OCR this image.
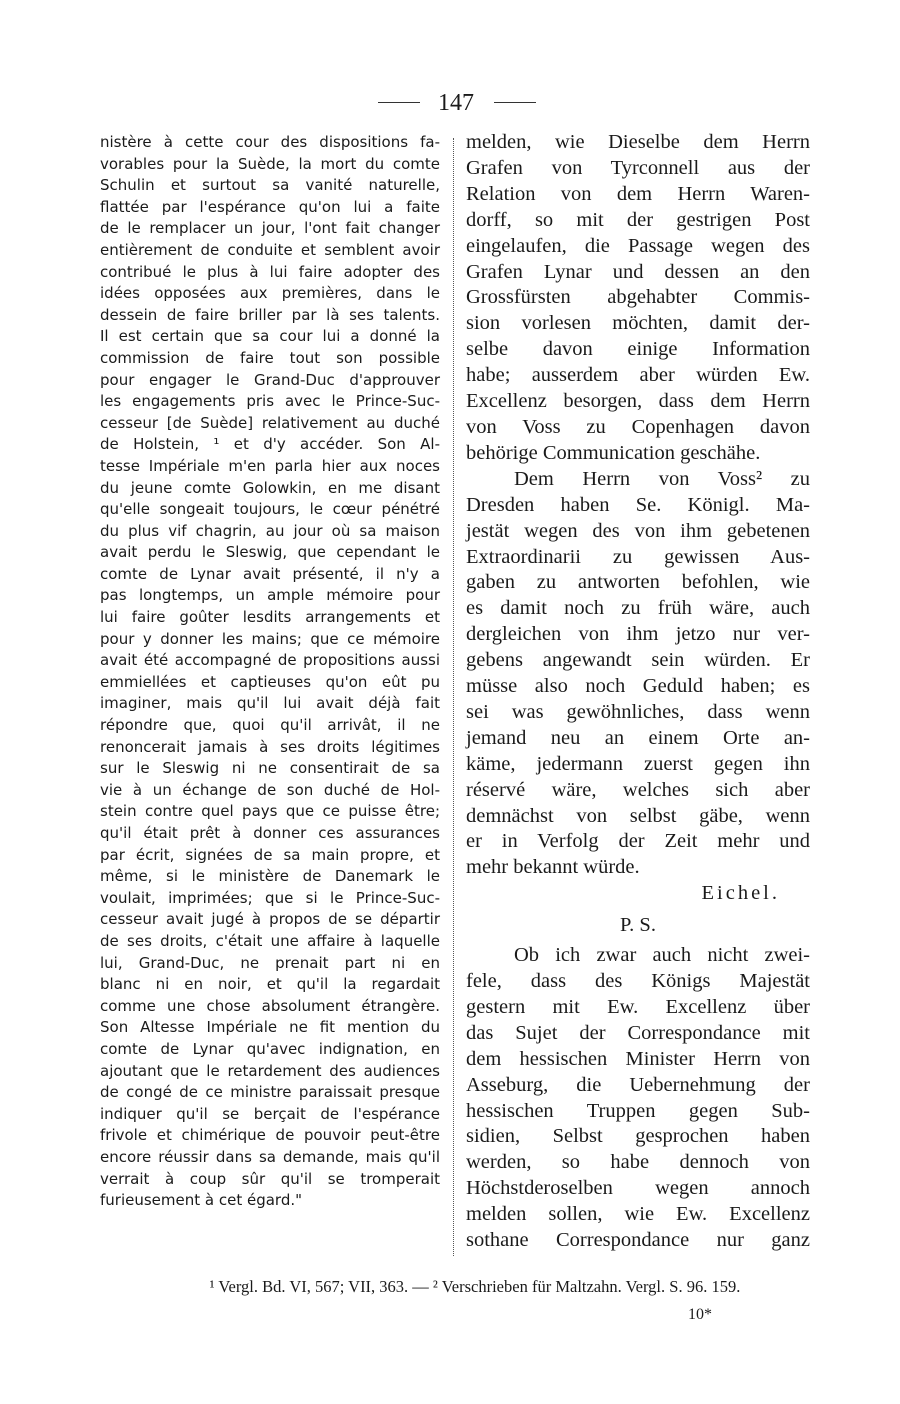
147
nistère à cette cour des dispositions fa-
vorables pour la Suède, la mort du comte
Schulin et surtout sa vanité naturelle,
flattée par l'espérance qu'on lui a faite
de le remplacer un jour, l'ont fait changer
entièrement de conduite et semblent avoir
contribué le plus à lui faire adopter des
idées opposées aux premières, dans le
dessein de faire briller par là ses talents.
Il est certain que sa cour lui a donné la
commission de faire tout son possible
pour engager le Grand-Duc d'approuver
les engagements pris avec le Prince-Suc-
cesseur [de Suède] relativement au duché
de Holstein, ¹ et d'y accéder. Son Al-
tesse Impériale m'en parla hier aux noces
du jeune comte Golowkin, en me disant
qu'elle songeait toujours, le cœur pénétré
du plus vif chagrin, au jour où sa maison
avait perdu le Sleswig, que cependant le
comte de Lynar avait présenté, il n'y a
pas longtemps, un ample mémoire pour
lui faire goûter lesdits arrangements et
pour y donner les mains; que ce mémoire
avait été accompagné de propositions aussi
emmiellées et captieuses qu'on eût pu
imaginer, mais qu'il lui avait déjà fait
répondre que, quoi qu'il arrivât, il ne
renoncerait jamais à ses droits légitimes
sur le Sleswig ni ne consentirait de sa
vie à un échange de son duché de Hol-
stein contre quel pays que ce puisse être;
qu'il était prêt à donner ces assurances
par écrit, signées de sa main propre, et
même, si le ministère de Danemark le
voulait, imprimées; que si le Prince-Suc-
cesseur avait jugé à propos de se départir
de ses droits, c'était une affaire à laquelle
lui, Grand-Duc, ne prenait part ni en
blanc ni en noir, et qu'il la regardait
comme une chose absolument étrangère.
Son Altesse Impériale ne fit mention du
comte de Lynar qu'avec indignation, en
ajoutant que le retardement des audiences
de congé de ce ministre paraissait presque
indiquer qu'il se berçait de l'espérance
frivole et chimérique de pouvoir peut-être
encore réussir dans sa demande, mais qu'il
verrait à coup sûr qu'il se tromperait
furieusement à cet égard."
melden, wie Dieselbe dem Herrn
Grafen von Tyrconnell aus der
Relation von dem Herrn Waren-
dorff, so mit der gestrigen Post
eingelaufen, die Passage wegen des
Grafen Lynar und dessen an den
Grossfürsten abgehabter Commis-
sion vorlesen möchten, damit der-
selbe davon einige Information
habe; ausserdem aber würden Ew.
Excellenz besorgen, dass dem Herrn
von Voss zu Copenhagen davon
behörige Communication geschähe.
Dem Herrn von Voss² zu
Dresden haben Se. Königl. Ma-
jestät wegen des von ihm gebetenen
Extraordinarii zu gewissen Aus-
gaben zu antworten befohlen, wie
es damit noch zu früh wäre, auch
dergleichen von ihm jetzo nur ver-
gebens angewandt sein würden. Er
müsse also noch Geduld haben; es
sei was gewöhnliches, dass wenn
jemand neu an einem Orte an-
käme, jedermann zuerst gegen ihn
réservé wäre, welches sich aber
demnächst von selbst gäbe, wenn
er in Verfolg der Zeit mehr und
mehr bekannt würde.
Eichel.
P. S.
Ob ich zwar auch nicht zwei-
fele, dass des Königs Majestät
gestern mit Ew. Excellenz über
das Sujet der Correspondance mit
dem hessischen Minister Herrn von
Asseburg, die Uebernehmung der
hessischen Truppen gegen Sub-
sidien, Selbst gesprochen haben
werden, so habe dennoch von
Höchstderoselben wegen annoch
melden sollen, wie Ew. Excellenz
sothane Correspondance nur ganz
¹ Vergl. Bd. VI, 567; VII, 363. — ² Verschrieben für Maltzahn. Vergl. S. 96. 159.
10*
